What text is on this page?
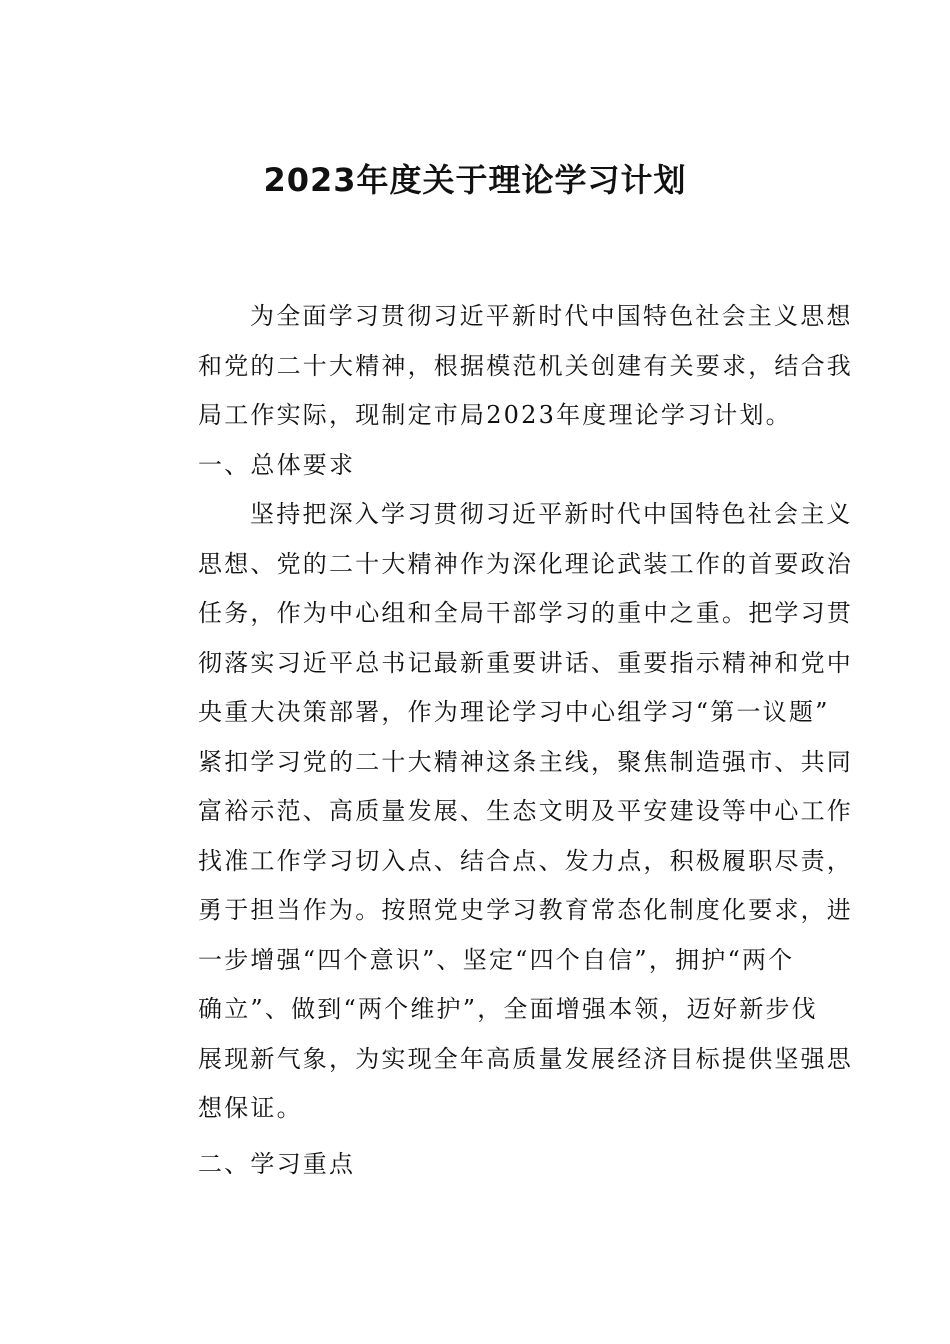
2023年度关于理论学习计划
为全面学习贯彻习近平新时代中国特色社会主义思想
和党的二十大精神，根据模范机关创建有关要求，结合我
局工作实际，现制定市局2023年度理论学习计划。
一、总体要求
坚持把深入学习贯彻习近平新时代中国特色社会主义
思想、党的二十大精神作为深化理论武装工作的首要政治
任务，作为中心组和全局干部学习的重中之重。把学习贯
彻落实习近平总书记最新重要讲话、重要指示精神和党中
央重大决策部署，作为理论学习中心组学习“第一议题”
紧扣学习党的二十大精神这条主线，聚焦制造强市、共同
富裕示范、高质量发展、生态文明及平安建设等中心工作
找准工作学习切入点、结合点、发力点，积极履职尽责，
勇于担当作为。按照党史学习教育常态化制度化要求，进
一步增强“四个意识”、坚定“四个自信”，拥护“两个
确立”、做到“两个维护”，全面增强本领，迈好新步伐
展现新气象，为实现全年高质量发展经济目标提供坚强思
想保证。
二、学习重点
